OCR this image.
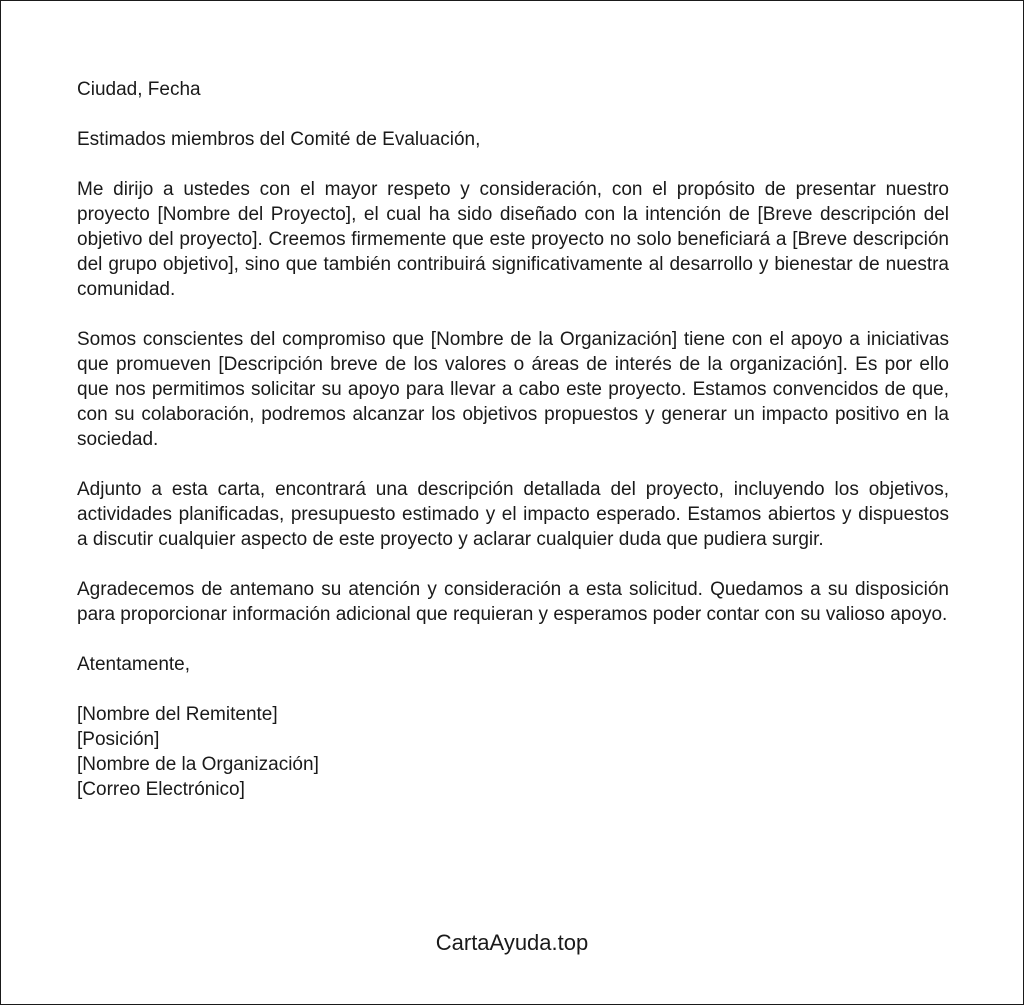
Ciudad, Fecha
Estimados miembros del Comité de Evaluación,

Me dirijo a ustedes con el mayor respeto y consideración, con el propósito de presentar nuestro proyecto [Nombre del Proyecto], el cual ha sido diseñado con la intención de [Breve descripción del objetivo del proyecto]. Creemos firmemente que este proyecto no solo beneficiará a [Breve descripción del grupo objetivo], sino que también contribuirá significativamente al desarrollo y bienestar de nuestra comunidad.

Somos conscientes del compromiso que [Nombre de la Organización] tiene con el apoyo a iniciativas que promueven [Descripción breve de los valores o áreas de interés de la organización]. Es por ello que nos permitimos solicitar su apoyo para llevar a cabo este proyecto. Estamos convencidos de que, con su colaboración, podremos alcanzar los objetivos propuestos y generar un impacto positivo en la sociedad.

Adjunto a esta carta, encontrará una descripción detallada del proyecto, incluyendo los objetivos, actividades planificadas, presupuesto estimado y el impacto esperado. Estamos abiertos y dispuestos a discutir cualquier aspecto de este proyecto y aclarar cualquier duda que pudiera surgir.

Agradecemos de antemano su atención y consideración a esta solicitud. Quedamos a su disposición para proporcionar información adicional que requieran y esperamos poder contar con su valioso apoyo.

Atentamente,
[Nombre del Remitente]
[Posición]
[Nombre de la Organización]
[Correo Electrónico]
CartaAyuda.top
